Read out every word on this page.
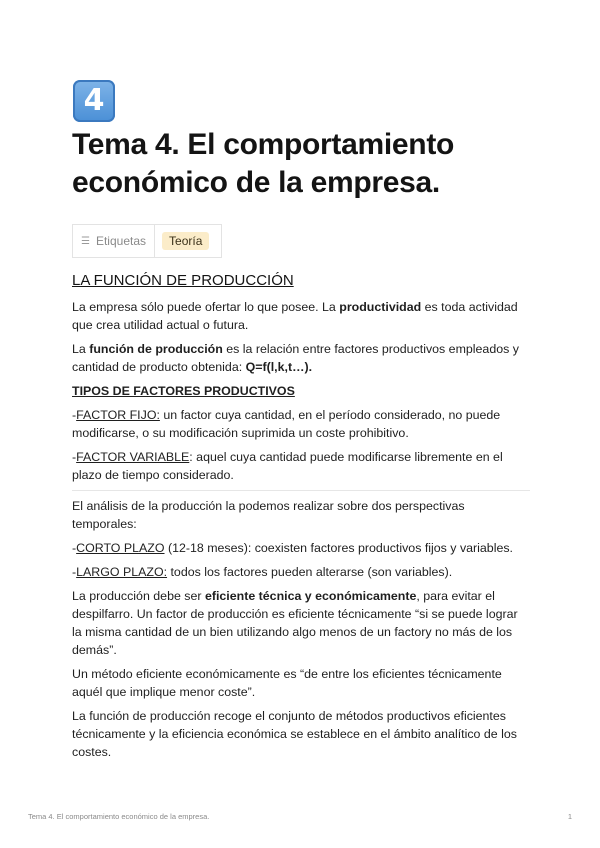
4
Tema 4. El comportamiento económico de la empresa.
☰ Etiquetas	Teoría
LA FUNCIÓN DE PRODUCCIÓN

La empresa sólo puede ofertar lo que posee. La productividad es toda actividad que crea utilidad actual o futura.

La función de producción es la relación entre factores productivos empleados y cantidad de producto obtenida: Q=f(l,k,t…).

TIPOS DE FACTORES PRODUCTIVOS

-FACTOR FIJO: un factor cuya cantidad, en el período considerado, no puede modificarse, o su modificación suprimida un coste prohibitivo.

-FACTOR VARIABLE: aquel cuya cantidad puede modificarse libremente en el plazo de tiempo considerado.

El análisis de la producción la podemos realizar sobre dos perspectivas temporales:

-CORTO PLAZO (12-18 meses): coexisten factores productivos fijos y variables.

-LARGO PLAZO: todos los factores pueden alterarse (son variables).

La producción debe ser eficiente técnica y económicamente, para evitar el despilfarro. Un factor de producción es eficiente técnicamente “si se puede lograr la misma cantidad de un bien utilizando algo menos de un factory no más de los demás”.

Un método eficiente económicamente es “de entre los eficientes técnicamente aquél que implique menor coste”.

La función de producción recoge el conjunto de métodos productivos eficientes técnicamente y la eficiencia económica se establece en el ámbito analítico de los costes.

Tema 4. El comportamiento económico de la empresa.	1
